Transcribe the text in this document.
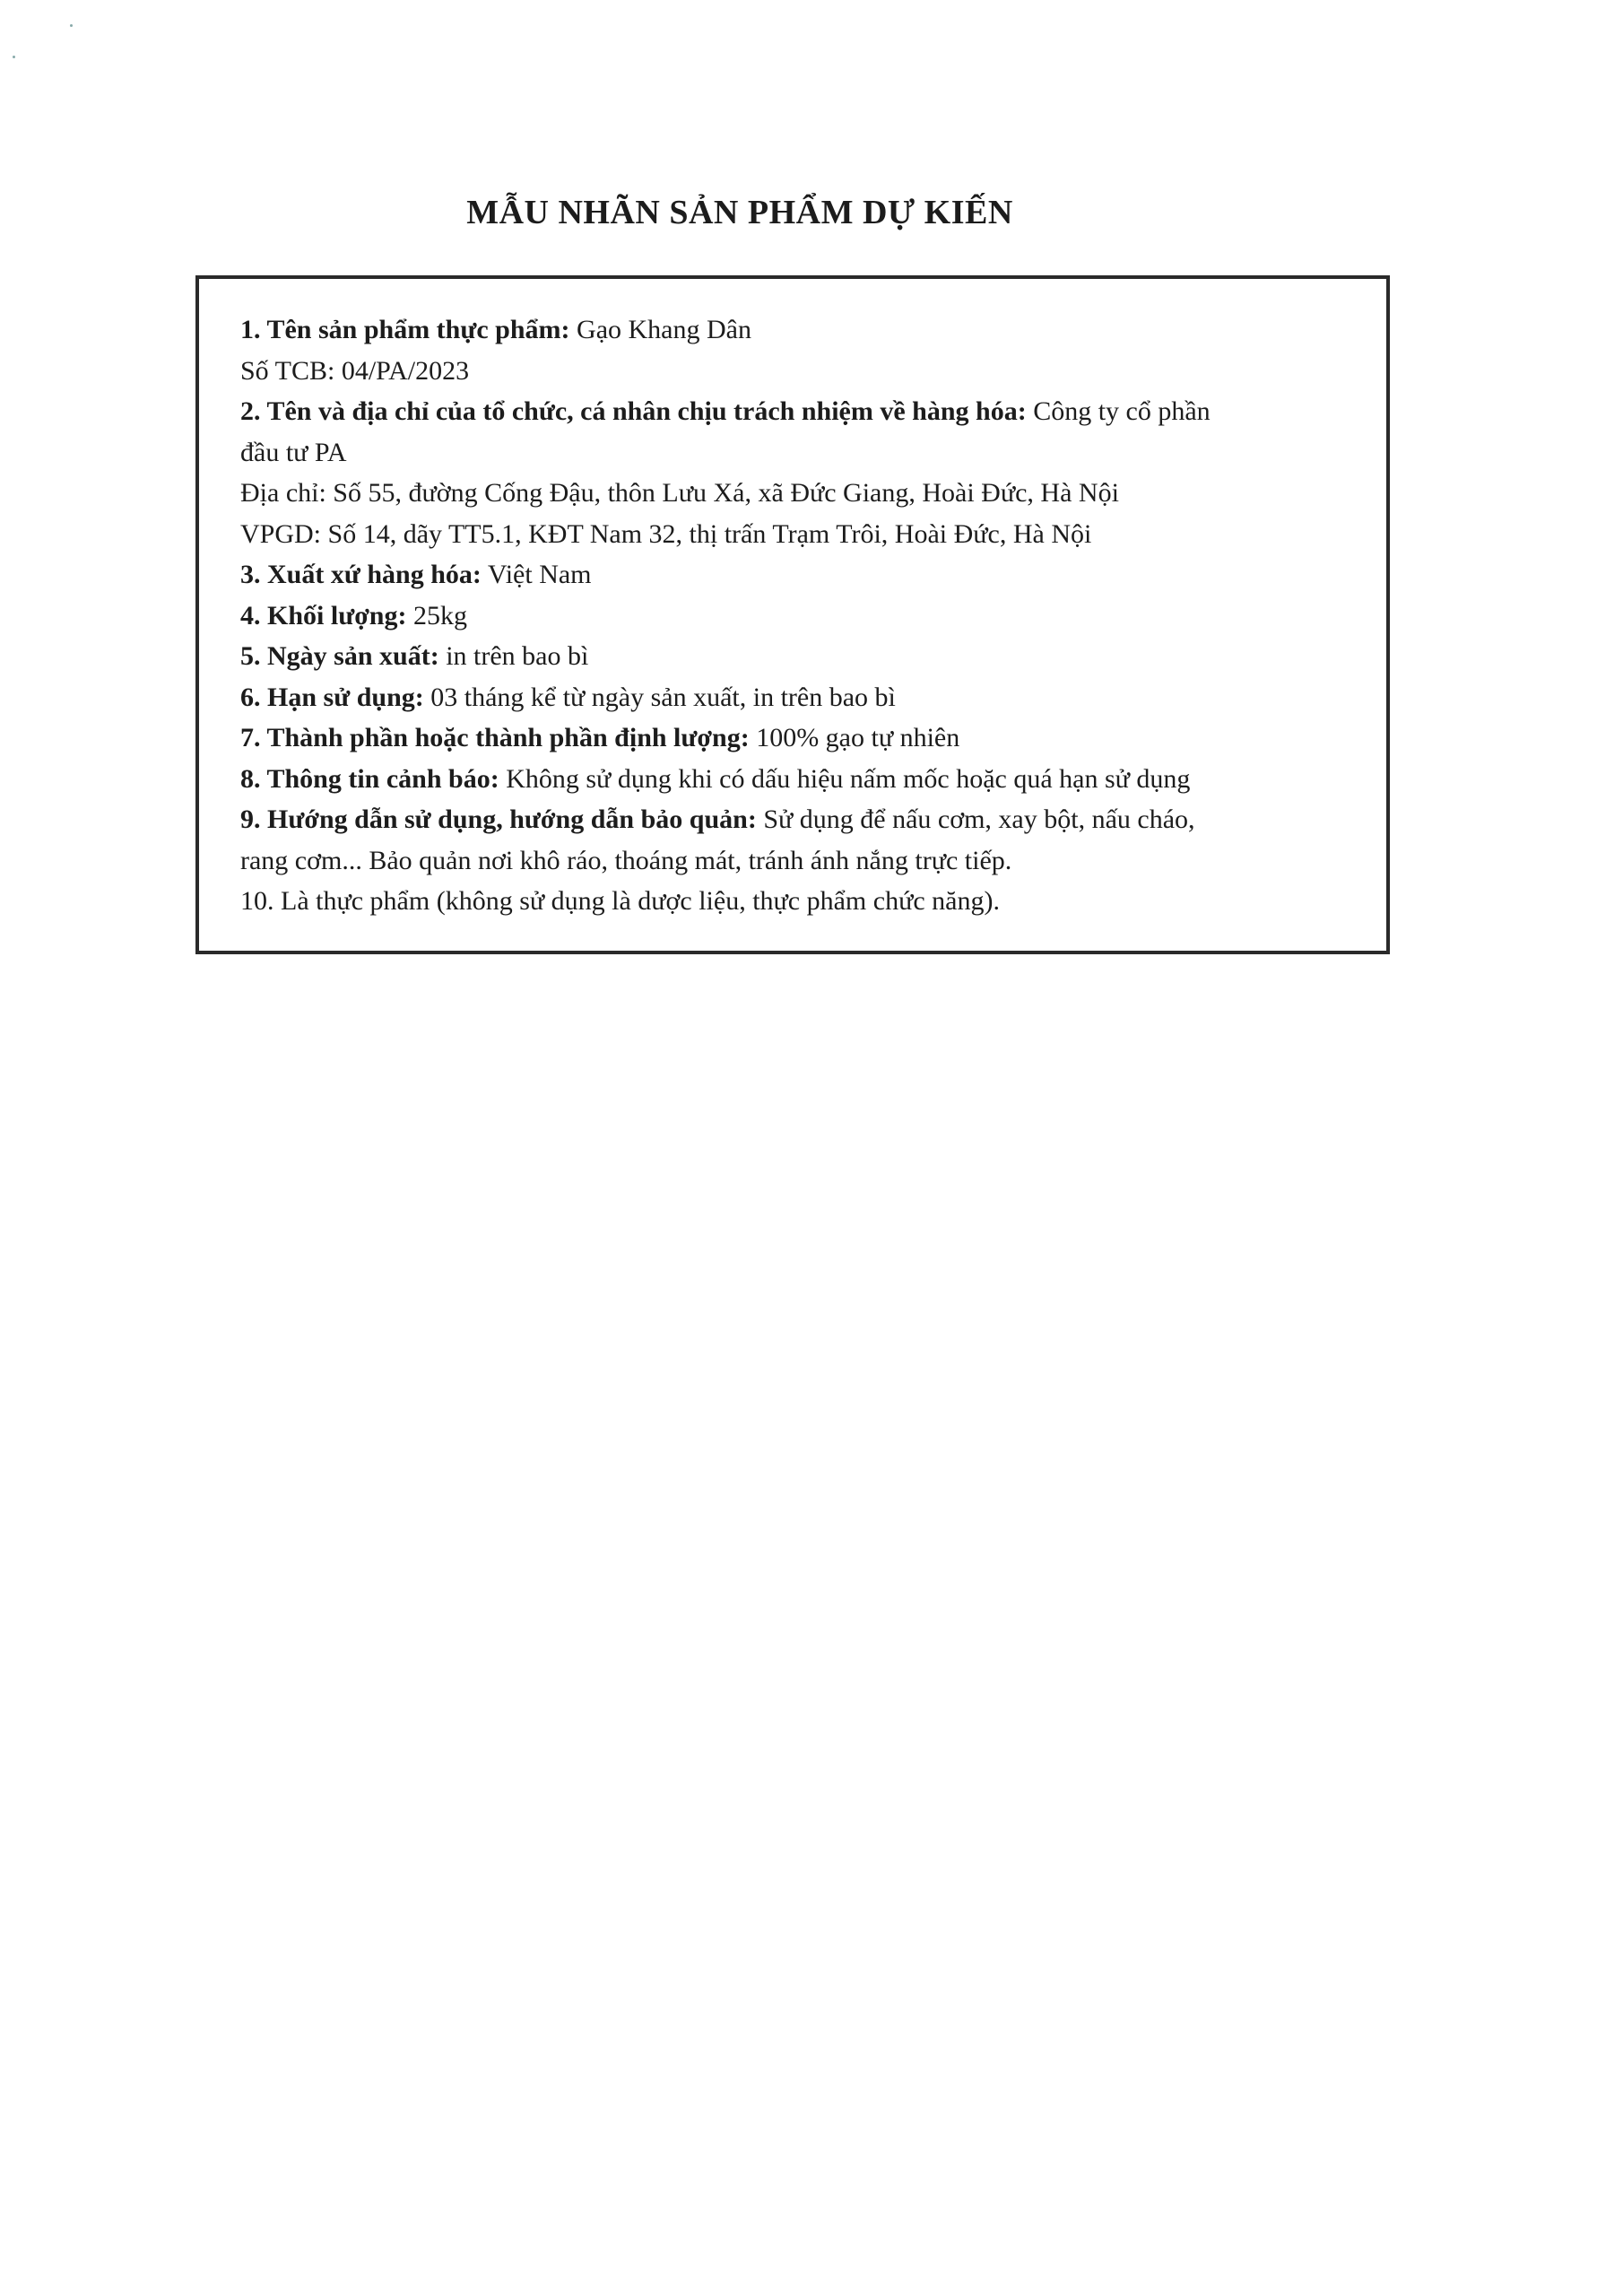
MẪU NHÃN SẢN PHẨM DỰ KIẾN
1. Tên sản phẩm thực phẩm: Gạo Khang Dân
Số TCB: 04/PA/2023
2. Tên và địa chỉ của tổ chức, cá nhân chịu trách nhiệm về hàng hóa: Công ty cổ phần
đầu tư PA
Địa chỉ: Số 55, đường Cống Đậu, thôn Lưu Xá, xã Đức Giang, Hoài Đức, Hà Nội
VPGD: Số 14, dãy TT5.1, KĐT Nam 32, thị trấn Trạm Trôi, Hoài Đức, Hà Nội
3. Xuất xứ hàng hóa: Việt Nam
4. Khối lượng: 25kg
5. Ngày sản xuất: in trên bao bì
6. Hạn sử dụng: 03 tháng kể từ ngày sản xuất, in trên bao bì
7. Thành phần hoặc thành phần định lượng: 100% gạo tự nhiên
8. Thông tin cảnh báo: Không sử dụng khi có dấu hiệu nấm mốc hoặc quá hạn sử dụng
9. Hướng dẫn sử dụng, hướng dẫn bảo quản: Sử dụng để nấu cơm, xay bột, nấu cháo,
rang cơm... Bảo quản nơi khô ráo, thoáng mát, tránh ánh nắng trực tiếp.
10. Là thực phẩm (không sử dụng là dược liệu, thực phẩm chức năng).
